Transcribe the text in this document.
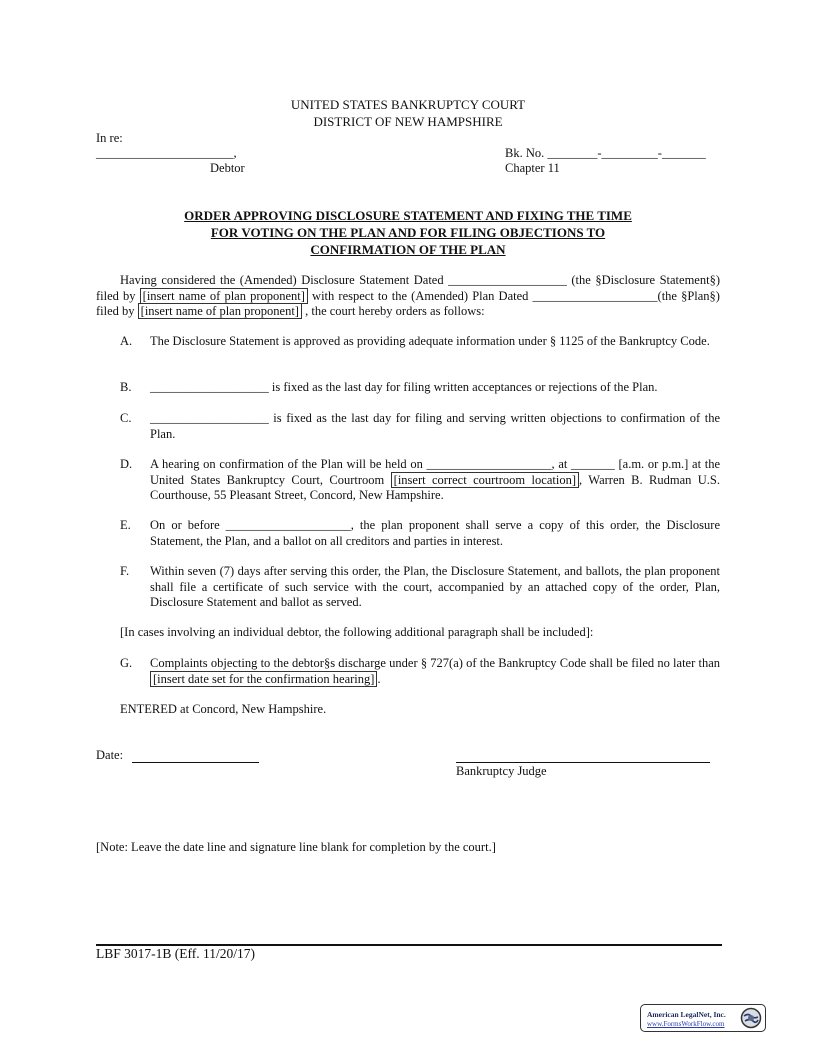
UNITED STATES BANKRUPTCY COURT
DISTRICT OF NEW HAMPSHIRE
In re:
______________________,
Debtor
Bk. No. ________-_________-_______
Chapter 11
ORDER APPROVING DISCLOSURE STATEMENT AND FIXING THE TIME
FOR VOTING ON THE PLAN AND FOR FILING OBJECTIONS TO
CONFIRMATION OF THE PLAN
Having considered the (Amended) Disclosure Statement Dated ___________________ (the §Disclosure Statement§) filed by [insert name of plan proponent] with respect to the (Amended) Plan Dated ____________________(the §Plan§) filed by [insert name of plan proponent] , the court hereby orders as follows:
A. The Disclosure Statement is approved as providing adequate information under § 1125 of the Bankruptcy Code.
B. ___________________ is fixed as the last day for filing written acceptances or rejections of the Plan.
C. ___________________ is fixed as the last day for filing and serving written objections to confirmation of the Plan.
D. A hearing on confirmation of the Plan will be held on ____________________, at _______ [a.m. or p.m.] at the United States Bankruptcy Court, Courtroom [insert correct courtroom location] , Warren B. Rudman U.S. Courthouse, 55 Pleasant Street, Concord, New Hampshire.
E. On or before ____________________, the plan proponent shall serve a copy of this order, the Disclosure Statement, the Plan, and a ballot on all creditors and parties in interest.
F. Within seven (7) days after serving this order, the Plan, the Disclosure Statement, and ballots, the plan proponent shall file a certificate of such service with the court, accompanied by an attached copy of the order, Plan, Disclosure Statement and ballot as served.
[In cases involving an individual debtor, the following additional paragraph shall be included]:
G. Complaints objecting to the debtor§s discharge under § 727(a) of the Bankruptcy Code shall be filed no later than [insert date set for the confirmation hearing] .
ENTERED at Concord, New Hampshire.
Date:
Bankruptcy Judge
[Note: Leave the date line and signature line blank for completion by the court.]
LBF 3017-1B (Eff. 11/20/17)
American LegalNet, Inc.
www.FormsWorkFlow.com
